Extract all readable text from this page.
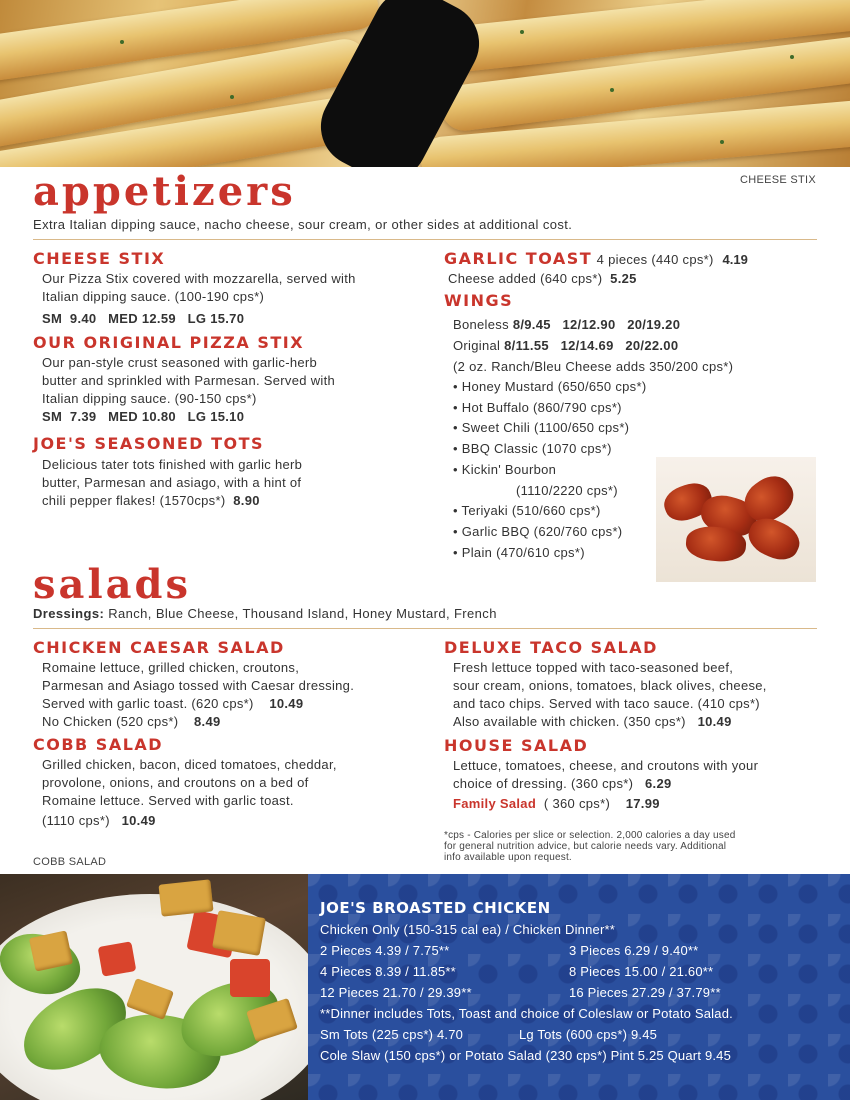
appetizers	CHEESE STIX
Extra Italian dipping sauce, nacho cheese, sour cream, or other sides at additional cost.
CHEESE STIX
Our Pizza Stix covered with mozzarella, served with
Italian dipping sauce. (100-190 cps*)
SM  9.40   MED 12.59   LG 15.70
OUR ORIGINAL PIZZA STIX
Our pan-style crust seasoned with garlic-herb
butter and sprinkled with Parmesan. Served with
Italian dipping sauce. (90-150 cps*)
SM  7.39   MED 10.80   LG 15.10
JOE'S SEASONED TOTS
Delicious tater tots finished with garlic herb
butter, Parmesan and asiago, with a hint of
chili pepper flakes! (1570cps*) 8.90
GARLIC TOAST 4 pieces (440 cps*) 4.19
Cheese added (640 cps*) 5.25
WINGS
Boneless 8/9.45   12/12.90   20/19.20
Original 8/11.55   12/14.69   20/22.00
(2 oz. Ranch/Bleu Cheese adds 350/200 cps*)
• Honey Mustard (650/650 cps*)
• Hot Buffalo (860/790 cps*)
• Sweet Chili (1100/650 cps*)
• BBQ Classic (1070 cps*)
• Kickin' Bourbon
(1110/2220 cps*)
• Teriyaki (510/660 cps*)
• Garlic BBQ (620/760 cps*)
• Plain (470/610 cps*)
salads
Dressings: Ranch, Blue Cheese, Thousand Island, Honey Mustard, French
CHICKEN CAESAR SALAD
Romaine lettuce, grilled chicken, croutons,
Parmesan and Asiago tossed with Caesar dressing.
Served with garlic toast. (620 cps*) 10.49
No Chicken (520 cps*) 8.49
COBB SALAD
Grilled chicken, bacon, diced tomatoes, cheddar,
provolone, onions, and croutons on a bed of
Romaine lettuce. Served with garlic toast.
(1110 cps*) 10.49
DELUXE TACO SALAD
Fresh lettuce topped with taco-seasoned beef,
sour cream, onions, tomatoes, black olives, cheese,
and taco chips. Served with taco sauce. (410 cps*)
Also available with chicken. (350 cps*) 10.49
HOUSE SALAD
Lettuce, tomatoes, cheese, and croutons with your
choice of dressing. (360 cps*) 6.29
Family Salad ( 360 cps*) 17.99
*cps - Calories per slice or selection. 2,000 calories a day used
for general nutrition advice, but calorie needs vary. Additional
info available upon request.
COBB SALAD
JOE'S BROASTED CHICKEN
Chicken Only (150-315 cal ea) / Chicken Dinner**
2 Pieces 4.39 / 7.75**	3 Pieces 6.29 / 9.40**
4 Pieces 8.39 / 11.85**	8 Pieces 15.00 / 21.60**
12 Pieces 21.70 / 29.39**	16 Pieces 27.29 / 37.79**
**Dinner includes Tots, Toast and choice of Coleslaw or Potato Salad.
Sm Tots (225 cps*) 4.70	Lg Tots (600 cps*) 9.45
Cole Slaw (150 cps*) or Potato Salad (230 cps*) Pint 5.25 Quart 9.45
